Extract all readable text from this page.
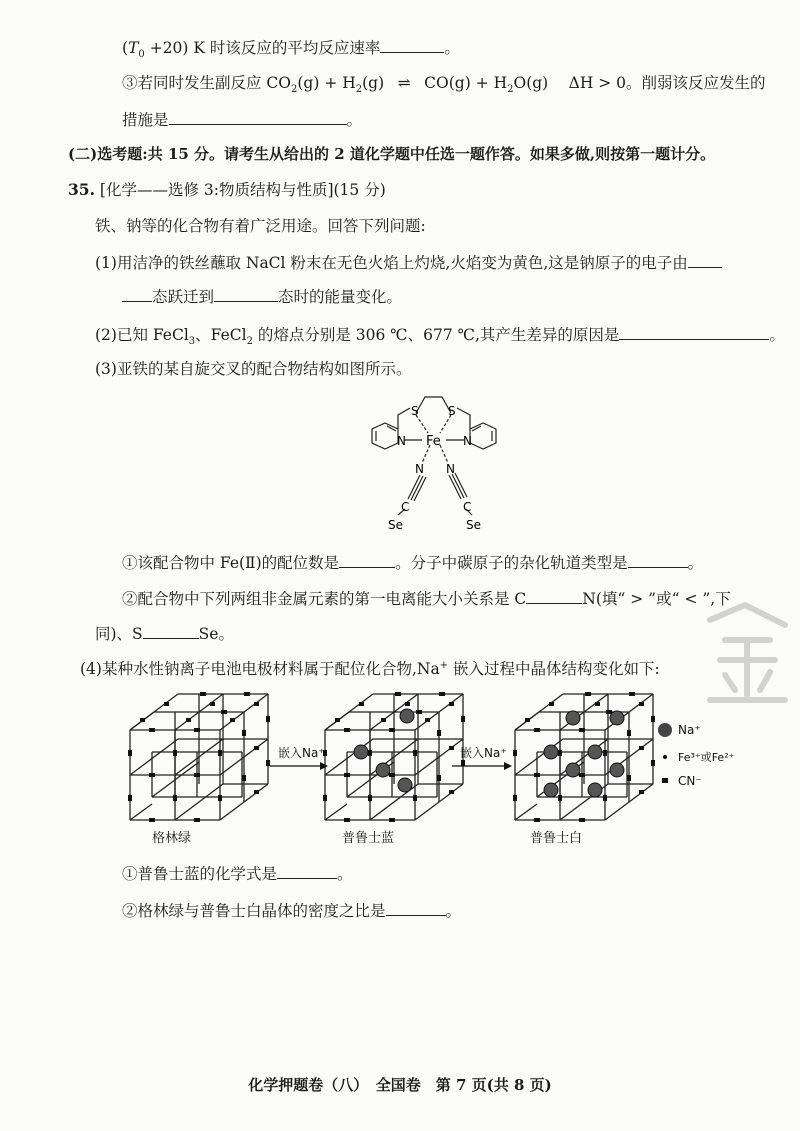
$(T_0 +20)$ K 时该反应的平均反应速率	。
③若同时发生副反应 $CO_2(g) + H_2(g)$ ⇌ $CO(g) + H_2O(g)$　 ΔH > 0。削弱该反应发生的
措施是	。
(二)选考题:共 15 分。请考生从给出的 2 道化学题中任选一题作答。如果多做,则按第一题计分。
35. [化学——选修 3:物质结构与性质](15 分)
铁、钠等的化合物有着广泛用途。回答下列问题:
(1)用洁净的铁丝蘸取 NaCl 粉末在无色火焰上灼烧,火焰变为黄色,这是钠原子的电子由
态跃迁到	态时的能量变化。
(2)已知 FeCl$_3$、FeCl$_2$ 的熔点分别是 306 ℃、677 ℃,其产生差异的原因是	。
(3)亚铁的某自旋交叉的配合物结构如图所示。
Fe
S S
N	N
N N
C	C
Se	Se
①该配合物中 Fe(Ⅱ)的配位数是	。分子中碳原子的杂化轨道类型是	。
②配合物中下列两组非金属元素的第一电离能大小关系是 C	N(填“ > ”或“ < ”,下
同)、S	Se。
(4)某种水性钠离子电池电极材料属于配位化合物,Na+ 嵌入过程中晶体结构变化如下:
嵌入Na⁺	嵌入Na⁺
格林绿	普鲁士蓝	普鲁士白
Na⁺
Fe³⁺或Fe²⁺
CN⁻
①普鲁士蓝的化学式是	。
②格林绿与普鲁士白晶体的密度之比是	。
化学押题卷（八）　全国卷　第 7 页(共 8 页)
